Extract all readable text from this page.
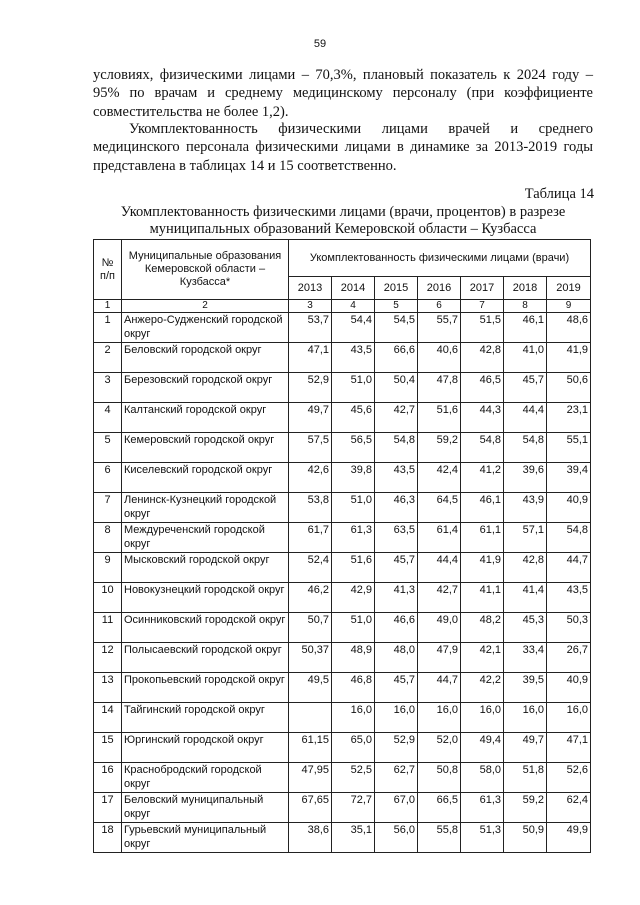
59

условиях, физическими лицами – 70,3%, плановый показатель к 2024 году – 95% по врачам и среднему медицинскому персоналу (при коэффициенте совместительства не более 1,2).

Укомплектованность физическими лицами врачей и среднего медицинского персонала физическими лицами в динамике за 2013-2019 годы представлена в таблицах 14 и 15 соответственно.

Таблица 14

Укомплектованность физическими лицами (врачи, процентов) в разрезе муниципальных образований Кемеровской области – Кузбасса

№ п/п	Муниципальные образования Кемеровской области – Кузбасса*	Укомплектованность физическими лицами (врачи)						
		2013	2014	2015	2016	2017	2018	2019
1	2	3	4	5	6	7	8	9
1	Анжеро-Судженский городской округ	53,7	54,4	54,5	55,7	51,5	46,1	48,6
2	Беловский городской округ	47,1	43,5	66,6	40,6	42,8	41,0	41,9
3	Березовский городской округ	52,9	51,0	50,4	47,8	46,5	45,7	50,6
4	Калтанский городской округ	49,7	45,6	42,7	51,6	44,3	44,4	23,1
5	Кемеровский городской округ	57,5	56,5	54,8	59,2	54,8	54,8	55,1
6	Киселевский городской округ	42,6	39,8	43,5	42,4	41,2	39,6	39,4
7	Ленинск-Кузнецкий городской округ	53,8	51,0	46,3	64,5	46,1	43,9	40,9
8	Междуреченский городской округ	61,7	61,3	63,5	61,4	61,1	57,1	54,8
9	Мысковский городской округ	52,4	51,6	45,7	44,4	41,9	42,8	44,7
10	Новокузнецкий городской округ	46,2	42,9	41,3	42,7	41,1	41,4	43,5
11	Осинниковский городской округ	50,7	51,0	46,6	49,0	48,2	45,3	50,3
12	Полысаевский городской округ	50,37	48,9	48,0	47,9	42,1	33,4	26,7
13	Прокопьевский городской округ	49,5	46,8	45,7	44,7	42,2	39,5	40,9
14	Тайгинский городской округ		16,0	16,0	16,0	16,0	16,0	16,0
15	Юргинский городской округ	61,15	65,0	52,9	52,0	49,4	49,7	47,1
16	Краснобродский городской округ	47,95	52,5	62,7	50,8	58,0	51,8	52,6
17	Беловский муниципальный округ	67,65	72,7	67,0	66,5	61,3	59,2	62,4
18	Гурьевский муниципальный округ	38,6	35,1	56,0	55,8	51,3	50,9	49,9
